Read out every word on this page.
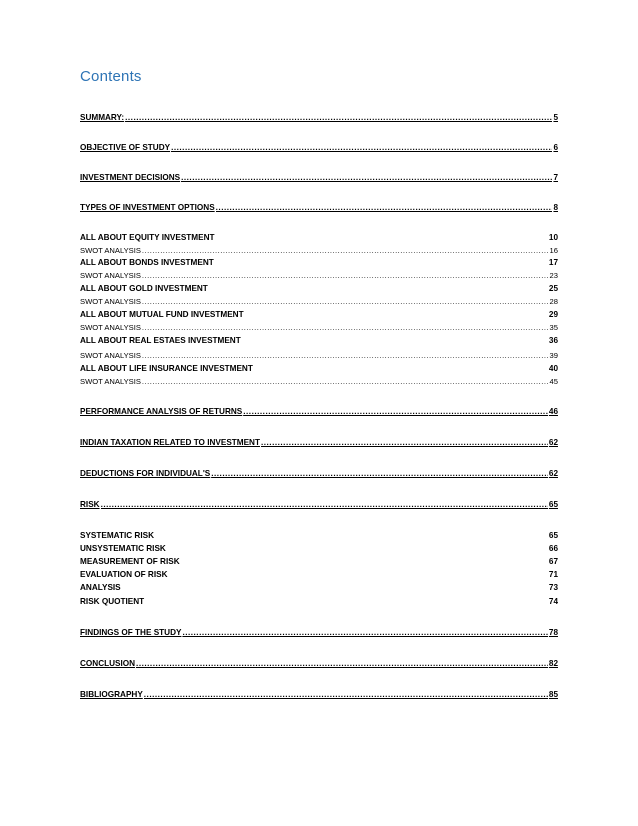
Contents
SUMMARY: .....	5
OBJECTIVE OF STUDY .....	6
INVESTMENT DECISIONS .....	7
TYPES OF INVESTMENT OPTIONS .....	8
ALL ABOUT EQUITY INVESTMENT	10
SWOT ANALYSIS .....	16
ALL ABOUT BONDS INVESTMENT	17
SWOT ANALYSIS .....	23
ALL ABOUT GOLD INVESTMENT	25
SWOT ANALYSIS .....	28
ALL ABOUT MUTUAL FUND INVESTMENT	29
SWOT ANALYSIS .....	35
ALL ABOUT REAL ESTAES INVESTMENT	36
SWOT ANALYSIS .....	39
ALL ABOUT LIFE INSURANCE INVESTMENT	40
SWOT ANALYSIS .....	45
PERFORMANCE ANALYSIS OF RETURNS .....	46
INDIAN TAXATION RELATED TO INVESTMENT .....	62
DEDUCTIONS FOR INDIVIDUAL'S .....	62
RISK .....	65
SYSTEMATIC RISK	65
UNSYSTEMATIC RISK	66
MEASUREMENT OF RISK	67
EVALUATION OF RISK	71
ANALYSIS	73
RISK QUOTIENT	74
FINDINGS OF THE STUDY .....	78
CONCLUSION .....	82
BIBLIOGRAPHY .....	85
